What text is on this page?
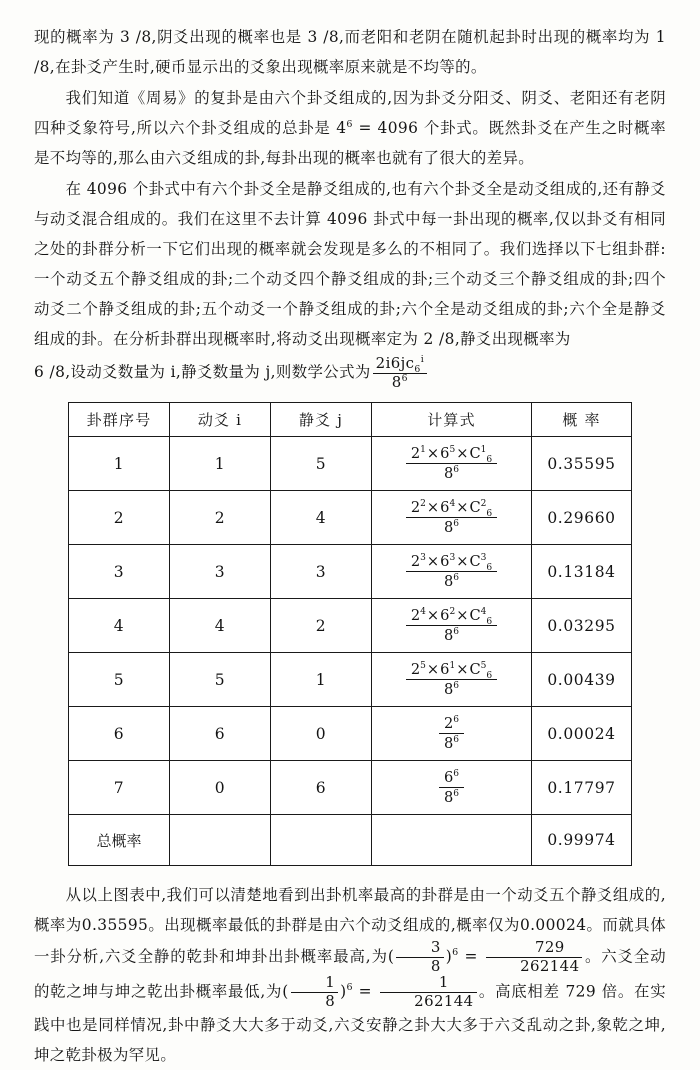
现的概率为 3 /8,阴爻出现的概率也是 3 /8,而老阳和老阴在随机起卦时出现的概率均为 1 /8,在卦爻产生时,硬币显示出的爻象出现概率原来就是不均等的。

我们知道《周易》的复卦是由六个卦爻组成的,因为卦爻分阳爻、阴爻、老阳还有老阴四种爻象符号,所以六个卦爻组成的总卦是 $4^6 = 4096$ 个卦式。既然卦爻在产生之时概率是不均等的,那么由六爻组成的卦,每卦出现的概率也就有了很大的差异。

在 4096 个卦式中有六个卦爻全是静爻组成的,也有六个卦爻全是动爻组成的,还有静爻与动爻混合组成的。我们在这里不去计算 4096 卦式中每一卦出现的概率,仅以卦爻有相同之处的卦群分析一下它们出现的概率就会发现是多么的不相同了。我们选择以下七组卦群:一个动爻五个静爻组成的卦;二个动爻四个静爻组成的卦;三个动爻三个静爻组成的卦;四个动爻二个静爻组成的卦;五个动爻一个静爻组成的卦;六个全是动爻组成的卦;六个全是静爻组成的卦。在分析卦群出现概率时,将动爻出现概率定为 2 /8,静爻出现概率为

6 /8,设动爻数量为 i,静爻数量为 j,则数学公式为 $\frac{2i6jc_6^i}{8^6}$

卦群序号	动爻 i	静爻 j	计算式	概 率
1	1	5	$\frac{2^1\times 6^5\times C^1_6}{8^6}$	0.35595
2	2	4	$\frac{2^2\times 6^4\times C^2_6}{8^6}$	0.29660
3	3	3	$\frac{2^3\times 6^3\times C^3_6}{8^6}$	0.13184
4	4	2	$\frac{2^4\times 6^2\times C^4_6}{8^6}$	0.03295
5	5	1	$\frac{2^5\times 6^1\times C^5_6}{8^6}$	0.00439
6	6	0	$\frac{2^6}{8^6}$	0.00024
7	0	6	$\frac{6^6}{8^6}$	0.17797
总概率				0.99974

从以上图表中,我们可以清楚地看到出卦机率最高的卦群是由一个动爻五个静爻组成的,概率为0.35595。出现概率最低的卦群是由六个动爻组成的,概率仅为0.00024。而就具体一卦分析,六爻全静的乾卦和坤卦出卦概率最高,为( $\frac{3}{8} )^6 = \frac{729}{262144}$ 。六爻全动的乾之坤与坤之乾出卦概率最低,为( $\frac{1}{8} )^6 = \frac{1}{262144}$ 。高底相差 729 倍。在实践中也是同样情况,卦中静爻大大多于动爻,六爻安静之卦大大多于六爻乱动之卦,象乾之坤,坤之乾卦极为罕见。
